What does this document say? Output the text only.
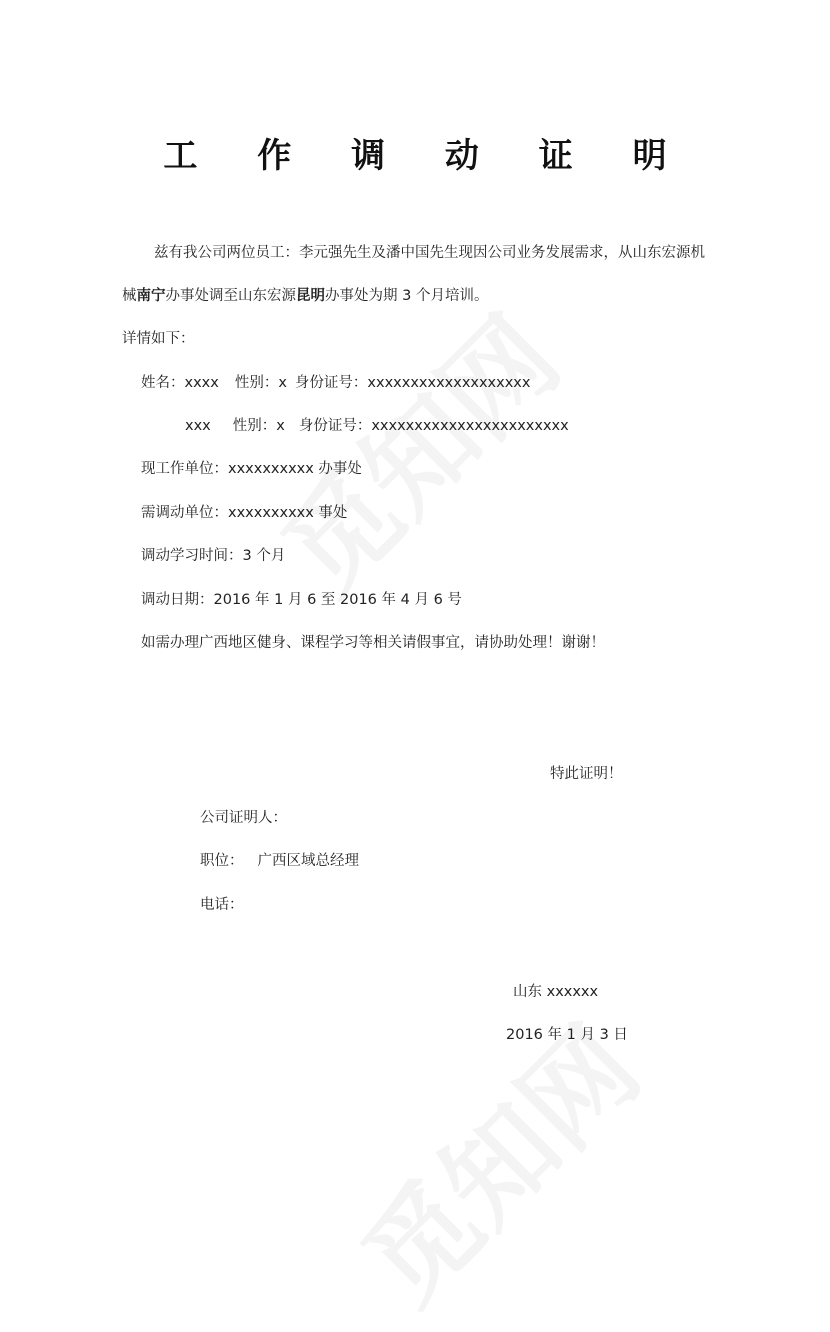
工 作 调 动 证 明
兹有我公司两位员工：李元强先生及潘中国先生现因公司业务发展需求，从山东宏源机
械南宁办事处调至山东宏源昆明办事处为期 3 个月培训。
详情如下：
姓名：xxxx 性别：x 身份证号：xxxxxxxxxxxxxxxxxxx
xxx 性别：x 身份证号：xxxxxxxxxxxxxxxxxxxxxxx
现工作单位：xxxxxxxxxx 办事处
需调动单位：xxxxxxxxxx 事处
调动学习时间：3 个月
调动日期：2016 年 1 月 6 至 2016 年 4 月 6 号
如需办理广西地区健身、课程学习等相关请假事宜，请协助处理！谢谢！
特此证明！
公司证明人：
职位： 广西区域总经理
电话：
山东 xxxxxx
2016 年 1 月 3 日
